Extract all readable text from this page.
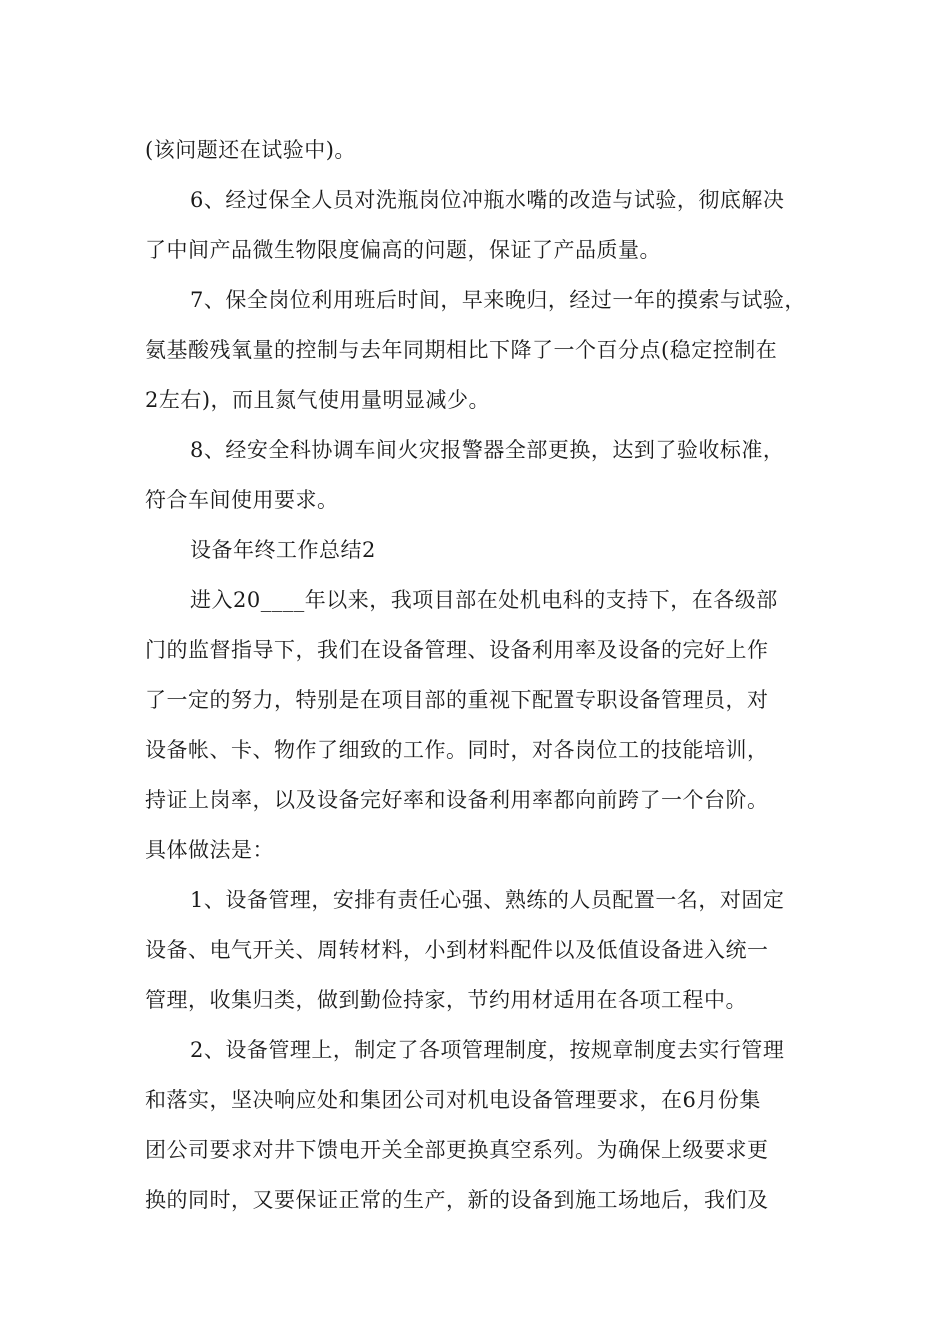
(该问题还在试验中)。
6、经过保全人员对洗瓶岗位冲瓶水嘴的改造与试验，彻底解决
了中间产品微生物限度偏高的问题，保证了产品质量。
7、保全岗位利用班后时间，早来晚归，经过一年的摸索与试验，
氨基酸残氧量的控制与去年同期相比下降了一个百分点(稳定控制在
2左右)，而且氮气使用量明显减少。
8、经安全科协调车间火灾报警器全部更换，达到了验收标准，
符合车间使用要求。
设备年终工作总结2
进入20____年以来，我项目部在处机电科的支持下，在各级部
门的监督指导下，我们在设备管理、设备利用率及设备的完好上作
了一定的努力，特别是在项目部的重视下配置专职设备管理员，对
设备帐、卡、物作了细致的工作。同时，对各岗位工的技能培训，
持证上岗率，以及设备完好率和设备利用率都向前跨了一个台阶。
具体做法是：
1、设备管理，安排有责任心强、熟练的人员配置一名，对固定
设备、电气开关、周转材料，小到材料配件以及低值设备进入统一
管理，收集归类，做到勤俭持家，节约用材适用在各项工程中。
2、设备管理上，制定了各项管理制度，按规章制度去实行管理
和落实，坚决响应处和集团公司对机电设备管理要求，在6月份集
团公司要求对井下馈电开关全部更换真空系列。为确保上级要求更
换的同时，又要保证正常的生产，新的设备到施工场地后，我们及
